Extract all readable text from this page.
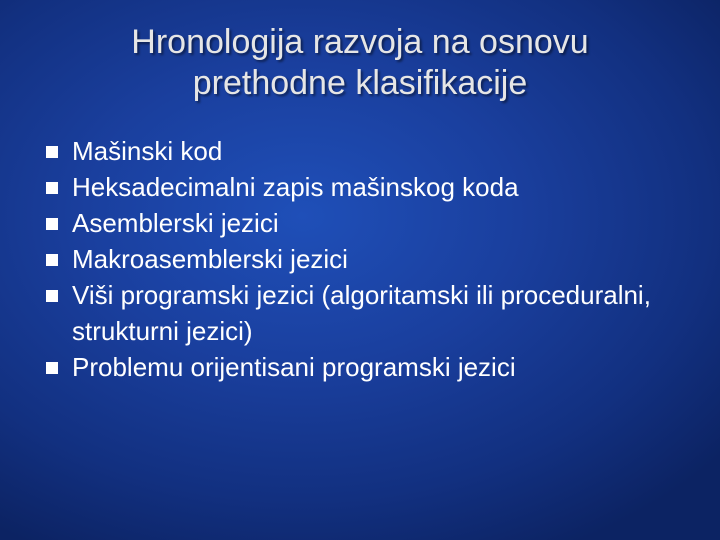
Hronologija razvoja na osnovu
prethodne klasifikacije
Mašinski kod
Heksadecimalni zapis mašinskog koda
Asemblerski jezici
Makroasemblerski jezici
Viši programski jezici (algoritamski ili proceduralni, strukturni jezici)
Problemu orijentisani programski jezici
